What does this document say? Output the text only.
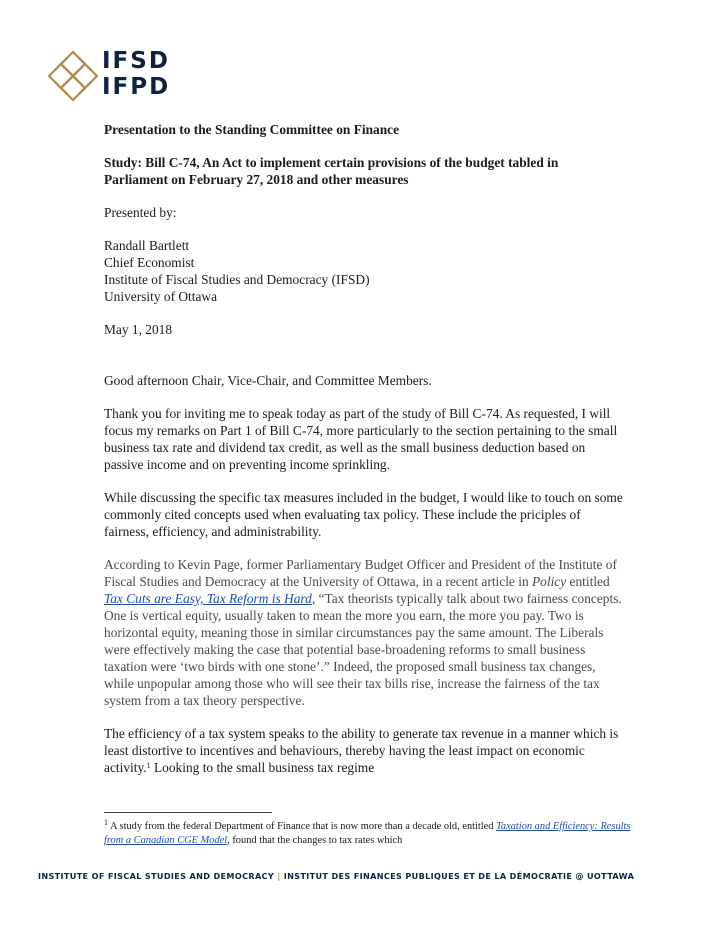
IFSD
IFPD

Presentation to the Standing Committee on Finance

Study: Bill C-74, An Act to implement certain provisions of the budget tabled in Parliament on February 27, 2018 and other measures

Presented by:

Randall Bartlett

Chief Economist

Institute of Fiscal Studies and Democracy (IFSD)

University of Ottawa

May 1, 2018

Good afternoon Chair, Vice-Chair, and Committee Members.

Thank you for inviting me to speak today as part of the study of Bill C-74. As requested, I will focus my remarks on Part 1 of Bill C-74, more particularly to the section pertaining to the small business tax rate and dividend tax credit, as well as the small business deduction based on passive income and on preventing income sprinkling.

While discussing the specific tax measures included in the budget, I would like to touch on some commonly cited concepts used when evaluating tax policy. These include the priciples of fairness, efficiency, and administrability.

According to Kevin Page, former Parliamentary Budget Officer and President of the Institute of Fiscal Studies and Democracy at the University of Ottawa, in a recent article in Policy entitled Tax Cuts are Easy, Tax Reform is Hard, “Tax theorists typically talk about two fairness concepts. One is vertical equity, usually taken to mean the more you earn, the more you pay. Two is horizontal equity, meaning those in similar circumstances pay the same amount. The Liberals were effectively making the case that potential base-broadening reforms to small business taxation were ‘two birds with one stone’.” Indeed, the proposed small business tax changes, while unpopular among those who will see their tax bills rise, increase the fairness of the tax system from a tax theory perspective.

The efficiency of a tax system speaks to the ability to generate tax revenue in a manner which is least distortive to incentives and behaviours, thereby having the least impact on economic activity.$^1$ Looking to the small business tax regime

$^1$ A study from the federal Department of Finance that is now more than a decade old, entitled Taxation and Efficiency: Results from a Canadian CGE Model, found that the changes to tax rates which

INSTITUTE OF FISCAL STUDIES AND DEMOCRACY | INSTITUT DES FINANCES PUBLIQUES ET DE LA DÉMOCRATIE @ UOTTAWA
